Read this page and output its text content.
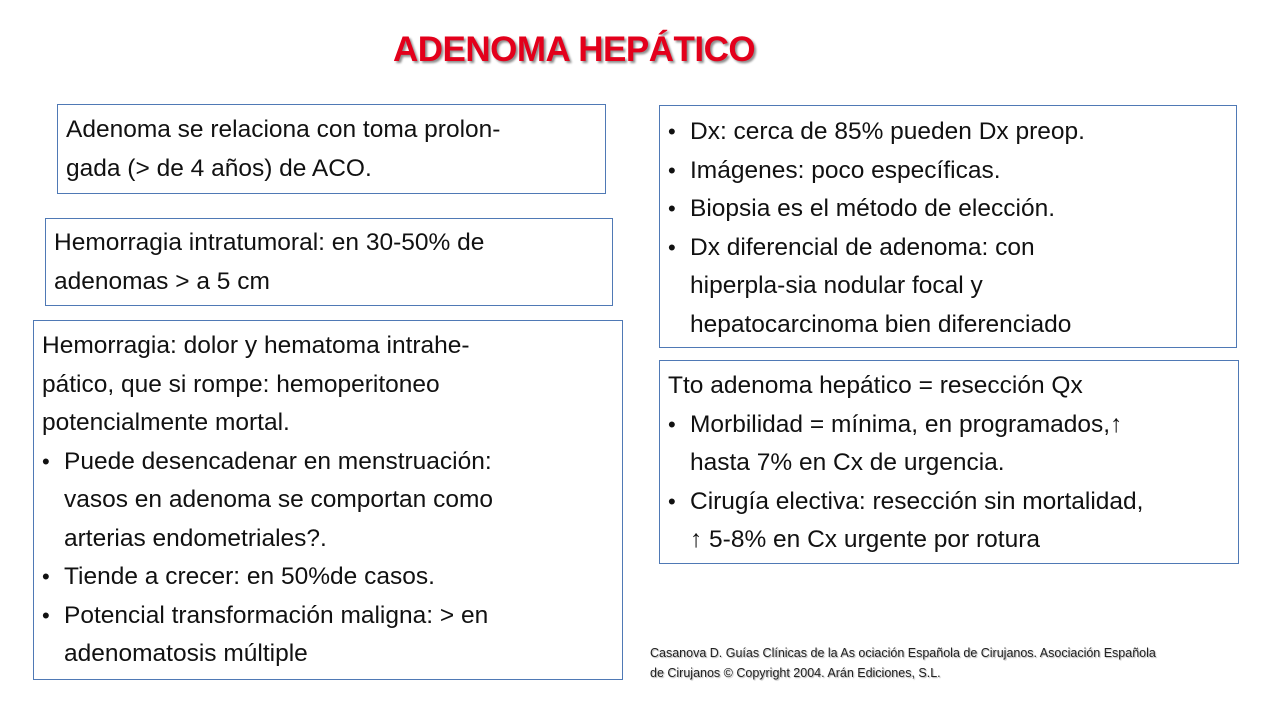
ADENOMA HEPÁTICO
Adenoma se relaciona con toma prolon-
gada (> de 4 años) de ACO.
Hemorragia intratumoral: en 30-50% de
adenomas > a 5 cm
Hemorragia: dolor y hematoma intrahe-
pático, que si rompe: hemoperitoneo
potencialmente mortal.
• Puede desencadenar en menstruación:
vasos en adenoma se comportan como
arterias endometriales?.
• Tiende a crecer: en 50%de casos.
• Potencial transformación maligna: > en
adenomatosis múltiple
• Dx: cerca de 85% pueden Dx preop.
• Imágenes: poco específicas.
• Biopsia es el método de elección.
• Dx diferencial de adenoma: con
hiperpla-sia nodular focal y
hepatocarcinoma bien diferenciado
Tto adenoma hepático = resección Qx
• Morbilidad = mínima, en programados,↑
hasta 7% en Cx de urgencia.
• Cirugía electiva: resección sin mortalidad,
↑ 5-8% en Cx urgente por rotura
Casanova D. Guías Clínicas de la As ociación Española de Cirujanos. Asociación Española
de Cirujanos © Copyright 2004. Arán Ediciones, S.L.
